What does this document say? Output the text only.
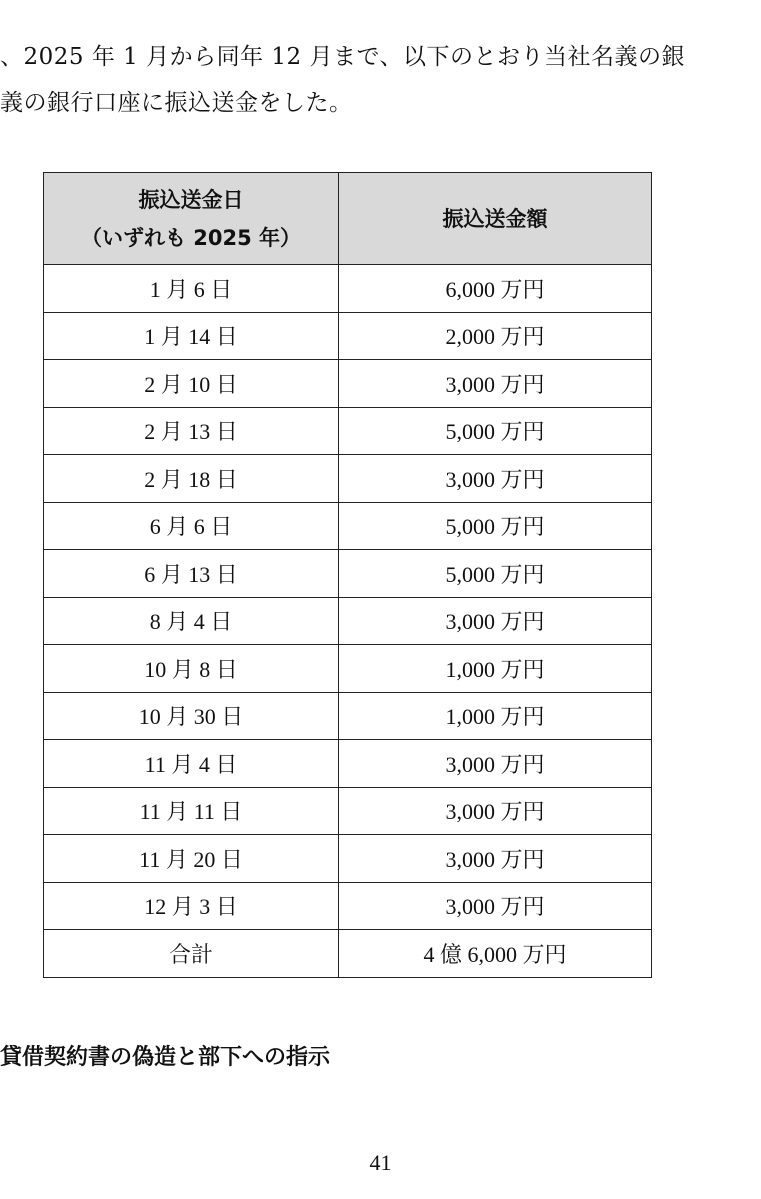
、2025 年 1 月から同年 12 月まで、以下のとおり当社名義の銀
義の銀行口座に振込送金をした。
振込送金日
（いずれも 2025 年）	振込送金額
1 月 6 日	6,000 万円
1 月 14 日	2,000 万円
2 月 10 日	3,000 万円
2 月 13 日	5,000 万円
2 月 18 日	3,000 万円
6 月 6 日	5,000 万円
6 月 13 日	5,000 万円
8 月 4 日	3,000 万円
10 月 8 日	1,000 万円
10 月 30 日	1,000 万円
11 月 4 日	3,000 万円
11 月 11 日	3,000 万円
11 月 20 日	3,000 万円
12 月 3 日	3,000 万円
合計	4 億 6,000 万円
貸借契約書の偽造と部下への指示
41
